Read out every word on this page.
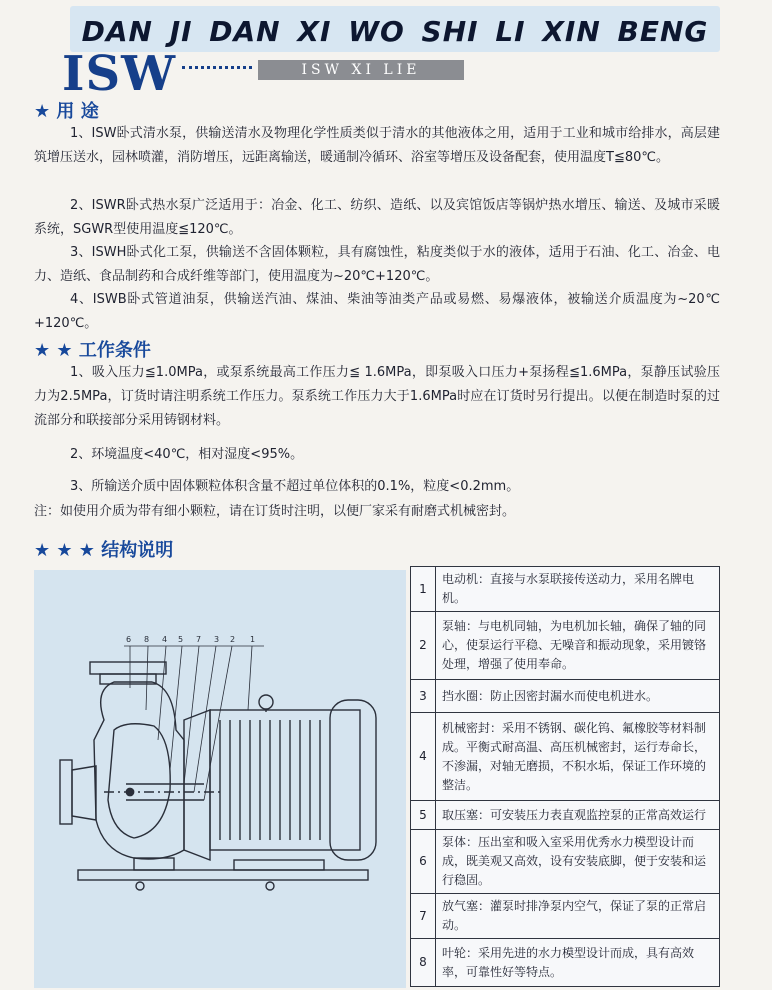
DAN JI DAN XI WO SHI LI XIN BENG
ISW	ISW XI LIE
★ 用 途
1、ISW卧式清水泵，供输送清水及物理化学性质类似于清水的其他液体之用，适用于工业和城市给排水，高层建筑增压送水，园林喷灌，消防增压，远距离输送，暖通制冷循环、浴室等增压及设备配套，使用温度T≦80℃。
2、ISWR卧式热水泵广泛适用于：冶金、化工、纺织、造纸、以及宾馆饭店等锅炉热水增压、输送、及城市采暖系统，SGWR型使用温度≦120℃。
3、ISWH卧式化工泵，供输送不含固体颗粒，具有腐蚀性，粘度类似于水的液体，适用于石油、化工、冶金、电力、造纸、食品制药和合成纤维等部门，使用温度为~20℃+120℃。
4、ISWB卧式管道油泵，供输送汽油、煤油、柴油等油类产品或易燃、易爆液体，被输送介质温度为~20℃+120℃。
★ ★ 工作条件
1、吸入压力≦1.0MPa，或泵系统最高工作压力≦ 1.6MPa，即泵吸入口压力+泵扬程≦1.6MPa，泵静压试验压力为2.5MPa，订货时请注明系统工作压力。泵系统工作压力大于1.6MPa时应在订货时另行提出。以便在制造时泵的过流部分和联接部分采用铸钢材料。
2、环境温度<40℃，相对湿度<95%。
3、所输送介质中固体颗粒体积含量不超过单位体积的0.1%，粒度<0.2mm。
注：如使用介质为带有细小颗粒，请在订货时注明，以便厂家采有耐磨式机械密封。
★ ★ ★ 结构说明
6 8 4 5 7 3 2 1
1	电动机：直接与水泵联接传送动力，采用名牌电机。
2	泵轴：与电机同轴，为电机加长轴，确保了轴的同心，使泵运行平稳、无噪音和振动现象，采用镀铬处理，增强了使用奉命。
3	挡水圈：防止因密封漏水而使电机进水。
4	机械密封：采用不锈钢、碳化钨、氟橡胶等材料制成。平衡式耐高温、高压机械密封，运行寿命长，不渗漏，对轴无磨损，不积水垢，保证工作环境的整洁。
5	取压塞：可安装压力表直观监控泵的正常高效运行
6	泵体：压出室和吸入室采用优秀水力模型设计而成，既美观又高效，设有安装底脚，便于安装和运行稳固。
7	放气塞：灌泵时排净泵内空气，保证了泵的正常启动。
8	叶轮：采用先进的水力模型设计而成，具有高效率，可靠性好等特点。
